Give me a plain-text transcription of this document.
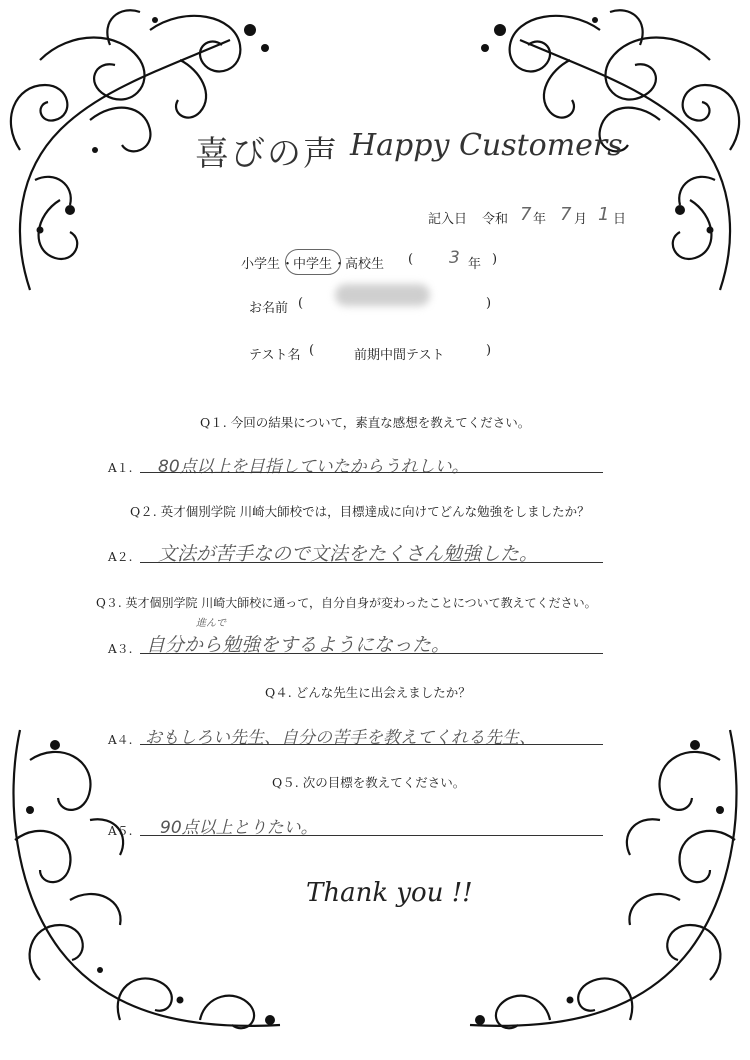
喜びの声 Happy Customers
記入日 令和 7 年 7 月 1 日
小学生 ・
中学生 ・
高校生 ( 3 年 )
お名前 (	)
テスト名 (	前期中間テスト	)
Q１. 今回の結果について，素直な感想を教えてください。
A１. 80点以上を目指していたからうれしい。
Q２. 英才個別学院 川崎大師校では，目標達成に向けてどんな勉強をしましたか？
A２. 文法が苦手なので文法をたくさん勉強した。
Q３. 英才個別学院 川崎大師校に通って，自分自身が変わったことについて教えてください。
進んで
A３. 自分から勉強をするようになった。
Q４. どんな先生に出会えましたか？
A４. おもしろい先生、自分の苦手を教えてくれる先生、
Q５. 次の目標を教えてください。
A５. 90点以上とりたい。
Thank you !!
